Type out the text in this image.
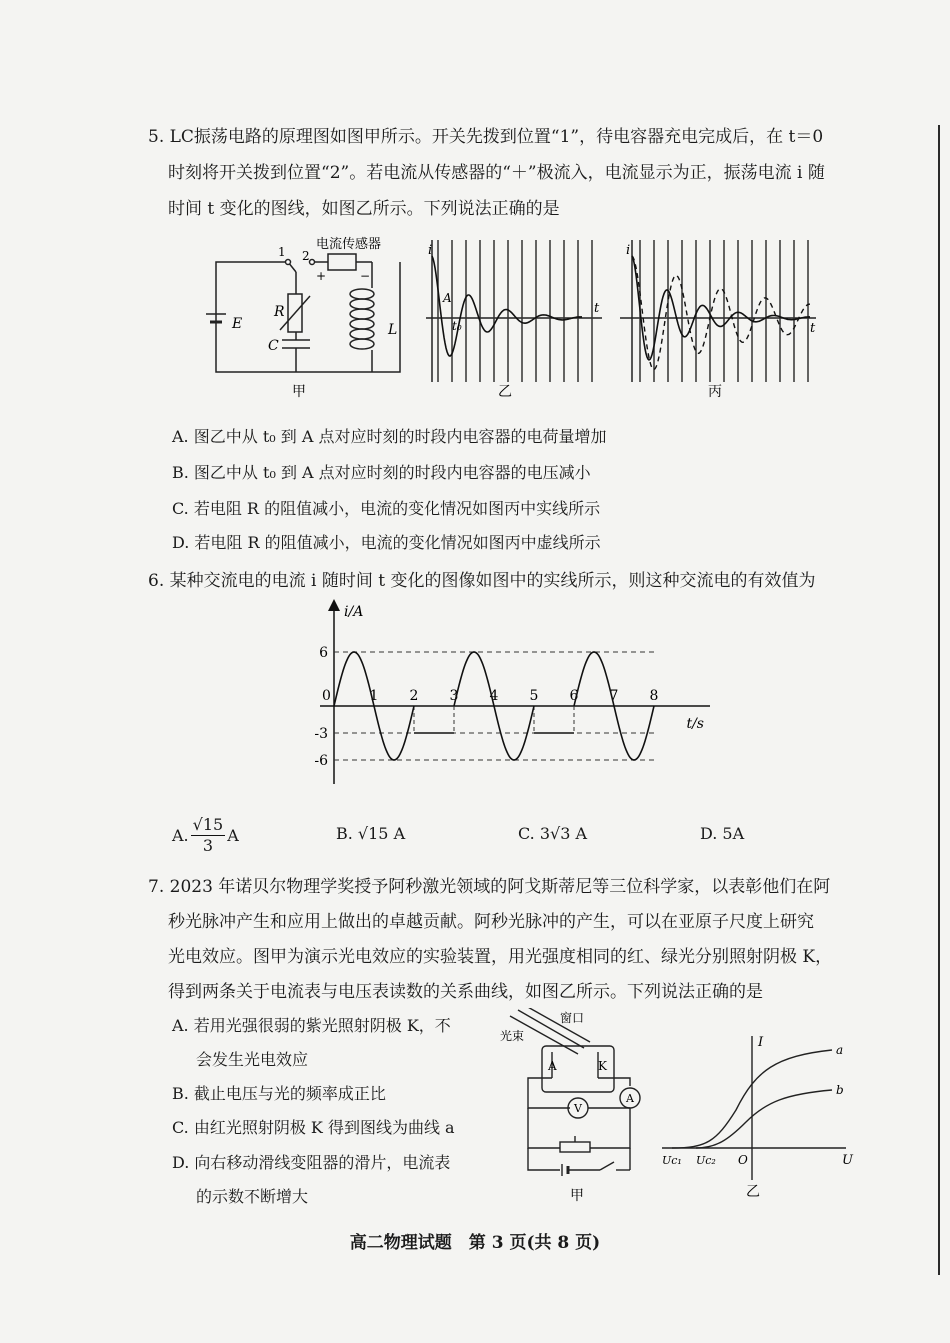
5. LC振荡电路的原理图如图甲所示。开关先拨到位置“1”，待电容器充电完成后，在 t＝0
时刻将开关拨到位置“2”。若电流从传感器的“＋”极流入，电流显示为正，振荡电流 i 随
时间 t 变化的图线，如图乙所示。下列说法正确的是
电流传感器
1 2
+	−
E
R
C
L
甲
i
t
A
t₀
乙
i
t
丙
A. 图乙中从 t₀ 到 A 点对应时刻的时段内电容器的电荷量增加
B. 图乙中从 t₀ 到 A 点对应时刻的时段内电容器的电压减小
C. 若电阻 R 的阻值减小，电流的变化情况如图丙中实线所示
D. 若电阻 R 的阻值减小，电流的变化情况如图丙中虚线所示
6. 某种交流电的电流 i 随时间 t 变化的图像如图中的实线所示，则这种交流电的有效值为
1 2 3 4 5 6 7 8
6
-3
-6
i/A
t/s
0
A. $\frac{√15}{3}$ A	B. √15 A	C. 3√3 A	D. 5A
7. 2023 年诺贝尔物理学奖授予阿秒激光领域的阿戈斯蒂尼等三位科学家，以表彰他们在阿
秒光脉冲产生和应用上做出的卓越贡献。阿秒光脉冲的产生，可以在亚原子尺度上研究
光电效应。图甲为演示光电效应的实验装置，用光强度相同的红、绿光分别照射阴极 K，
得到两条关于电流表与电压表读数的关系曲线，如图乙所示。下列说法正确的是
A. 若用光强很弱的紫光照射阴极 K，不
会发生光电效应
B. 截止电压与光的频率成正比
C. 由红光照射阴极 K 得到图线为曲线 a
D. 向右移动滑线变阻器的滑片，电流表
的示数不断增大
窗口
光束
A	K
V
A
甲
I
U
O
Uc₁ Uc₂
a
b
乙
高二物理试题　第 3 页(共 8 页)
